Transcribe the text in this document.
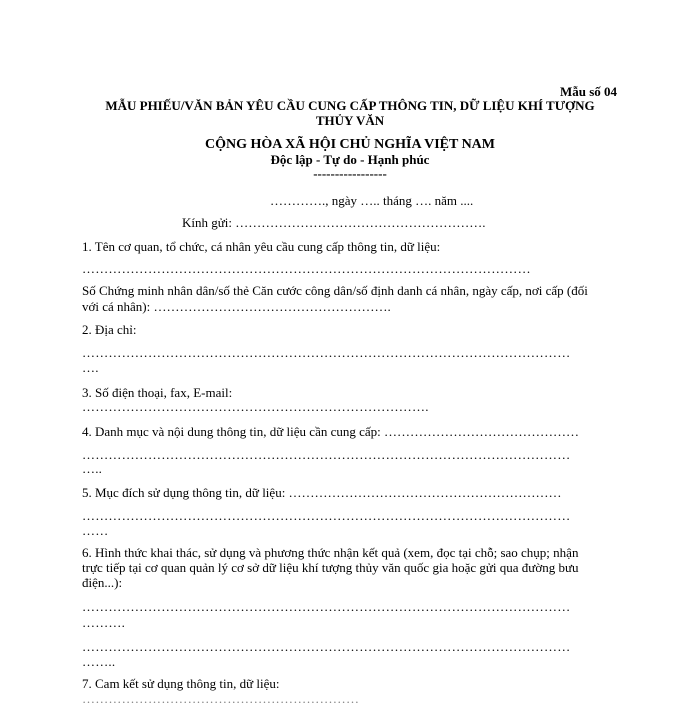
Mẫu số 04
MẪU PHIẾU/VĂN BẢN YÊU CẦU CUNG CẤP THÔNG TIN, DỮ LIỆU KHÍ TƯỢNG
THỦY VĂN
CỘNG HÒA XÃ HỘI CHỦ NGHĨA VIỆT NAM
Độc lập - Tự do - Hạnh phúc
-----------------
…………., ngày ….. tháng …. năm ....
Kính gửi: ………………………………………………….
1. Tên cơ quan, tổ chức, cá nhân yêu cầu cung cấp thông tin, dữ liệu:
…………………………………………………………………………………………
Số Chứng minh nhân dân/số thẻ Căn cước công dân/số định danh cá nhân, ngày cấp, nơi cấp (đối
với cá nhân): ……………………………………………….
2. Địa chỉ:
…………………………………………………………………………………………………
….
3. Số điện thoại, fax, E-mail:
…………………………………………………………………….
4. Danh mục và nội dung thông tin, dữ liệu cần cung cấp: ………………………………………
…………………………………………………………………………………………………
…..
5. Mục đích sử dụng thông tin, dữ liệu: ………………………………………………………
…………………………………………………………………………………………………
……
6. Hình thức khai thác, sử dụng và phương thức nhận kết quả (xem, đọc tại chỗ; sao chụp; nhận
trực tiếp tại cơ quan quản lý cơ sở dữ liệu khí tượng thủy văn quốc gia hoặc gửi qua đường bưu
điện...):
…………………………………………………………………………………………………
……….
…………………………………………………………………………………………………
……..
7. Cam kết sử dụng thông tin, dữ liệu:
………………………………………………………
